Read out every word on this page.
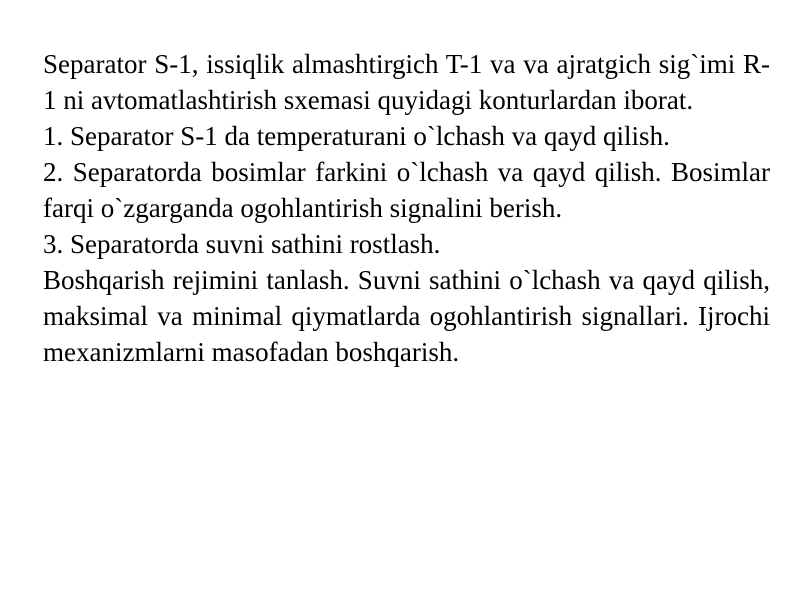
Separator S-1, issiqlik almashtirgich T-1 va va ajratgich sig`imi R-1 ni avtomatlashtirish sxemasi quyidagi konturlardan iborat.

1. Separator S-1 da temperaturani o`lchash va qayd qilish.

2. Separatorda bosimlar farkini o`lchash va qayd qilish. Bosimlar farqi o`zgarganda ogohlantirish signalini berish.

3. Separatorda suvni sathini rostlash.

Boshqarish rejimini tanlash. Suvni sathini o`lchash va qayd qilish, maksimal va minimal qiymatlarda ogohlantirish signallari. Ijrochi mexanizmlarni masofadan boshqarish.
